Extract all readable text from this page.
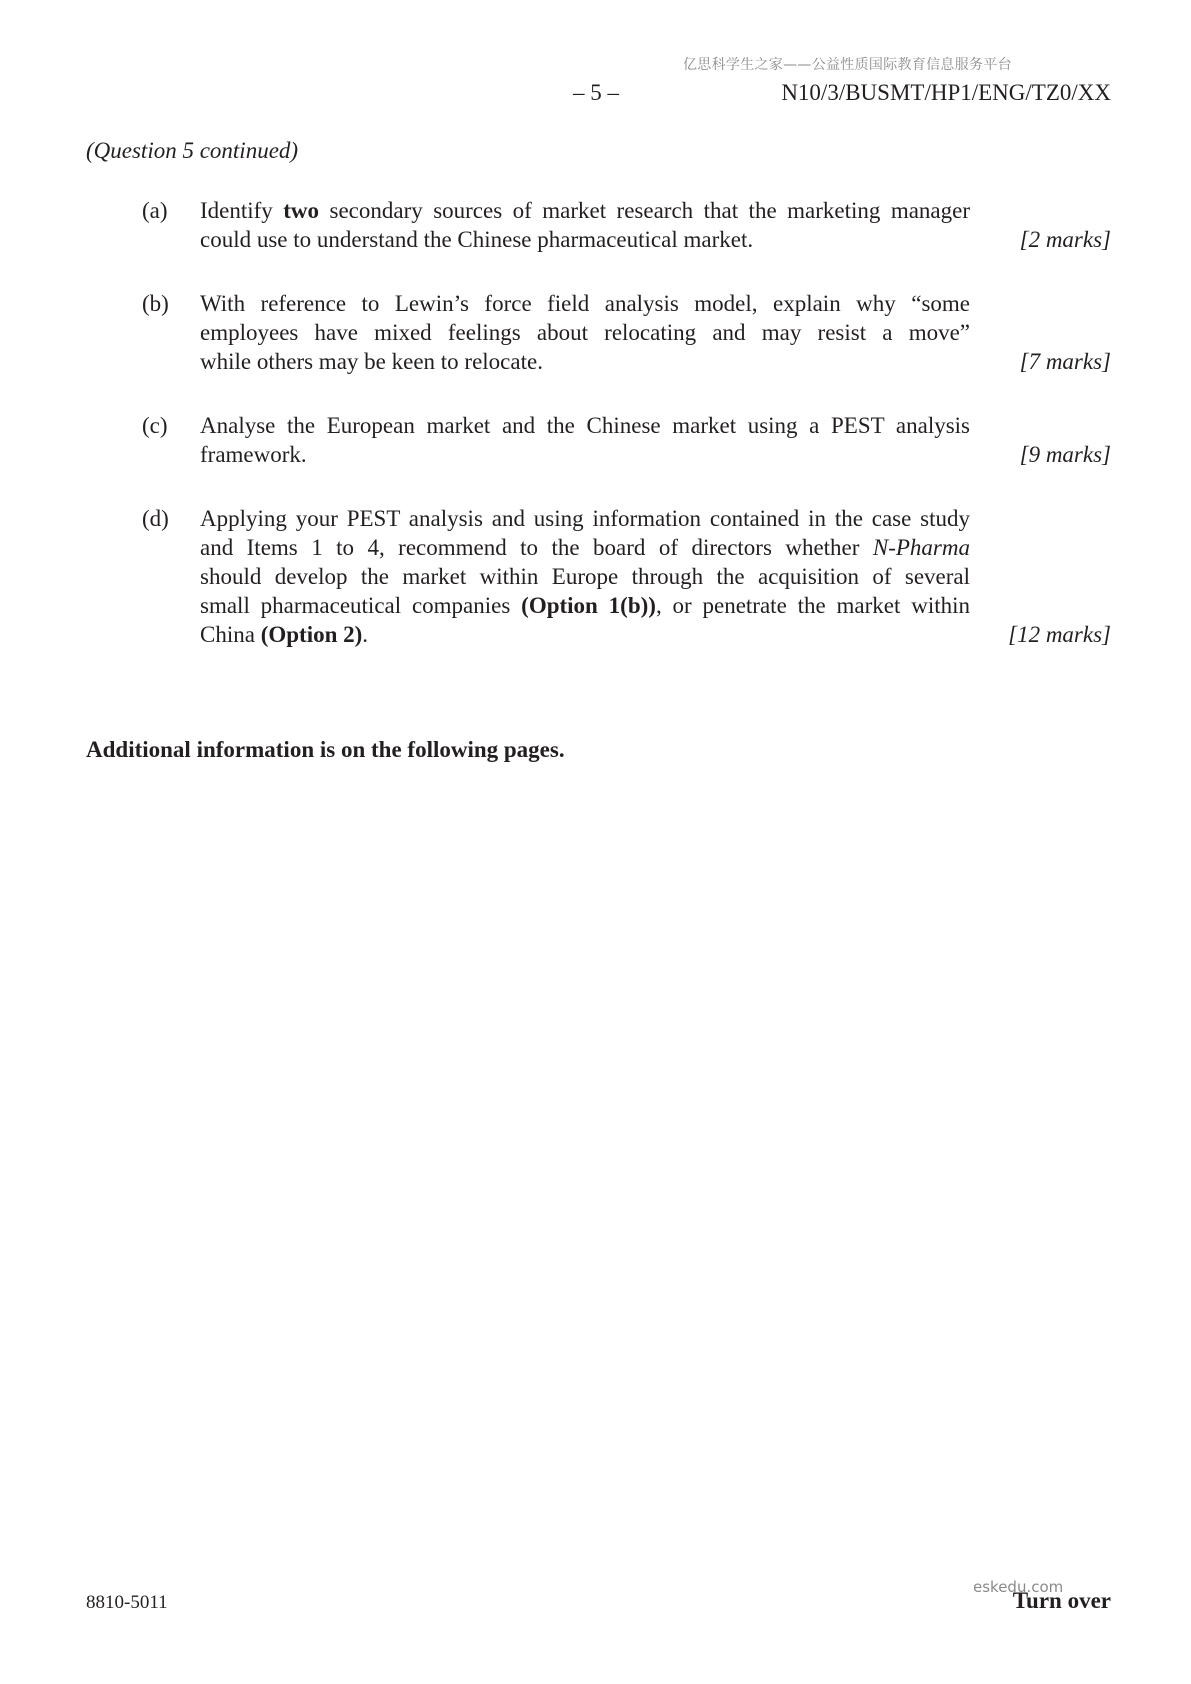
亿思科学生之家——公益性质国际教育信息服务平台
– 5 –	N10/3/BUSMT/HP1/ENG/TZ0/XX
(Question 5 continued)
(a) Identify two secondary sources of market research that the marketing manager
could use to understand the Chinese pharmaceutical market.	[2 marks]
(b) With reference to Lewin’s force field analysis model, explain why “some
employees have mixed feelings about relocating and may resist a move”
while others may be keen to relocate.	[7 marks]
(c) Analyse the European market and the Chinese market using a PEST analysis
framework.	[9 marks]
(d) Applying your PEST analysis and using information contained in the case study
and Items 1 to 4, recommend to the board of directors whether N-Pharma
should develop the market within Europe through the acquisition of several
small pharmaceutical companies (Option 1(b)), or penetrate the market within
China (Option 2).	[12 marks]
Additional information is on the following pages.
8810-5011	Turn over
eskedu.com
